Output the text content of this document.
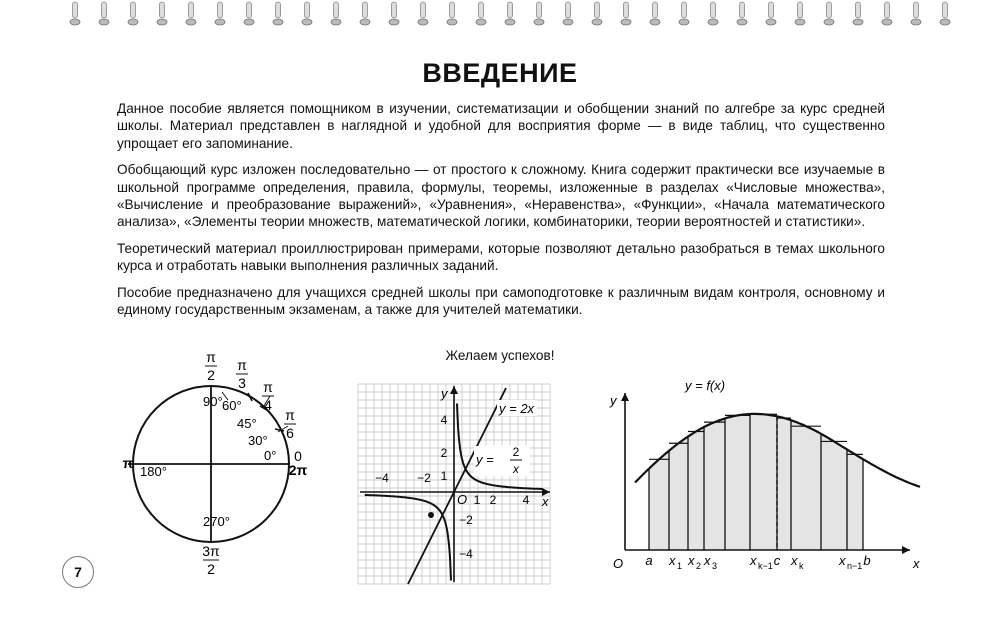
ВВЕДЕНИЕ

Данное пособие является помощником в изучении, систематизации и обобщении знаний по алгебре за курс средней школы. Материал представлен в наглядной и удобной для восприятия форме — в виде таблиц, что существенно упрощает его запоминание.

Обобщающий курс изложен последовательно — от простого к сложному. Книга содержит практически все изучаемые в школьной программе определения, правила, формулы, теоремы, изложенные в разделах «Числовые множества», «Вычисление и преобразование выражений», «Уравнения», «Неравенства», «Функции», «Начала математического анализа», «Элементы теории множеств, математической логики, комбинаторики, теории вероятностей и статистики».

Теоретический материал проиллюстрирован примерами, которые позволяют детально разобраться в темах школьного курса и отработать навыки выполнения различных заданий.

Пособие предназначено для учащихся средней школы при самоподготовке к различным видам контроля, основному и единому государственным экзаменам, а также для учителей математики.

Желаем успехов!
π
2
π
3 π
4
π
6
0
2π
π
3π
2
90° 60°
45°
30°
0°
180°
270°
x
y
O
−4 −2
1 2 4
4
2
1
−2
−4
y = 2x
y = 2
x
y
x
O
y = f(x)
a x 1 x 2 x 3	x k−1 c x k	x n−1 b
7
